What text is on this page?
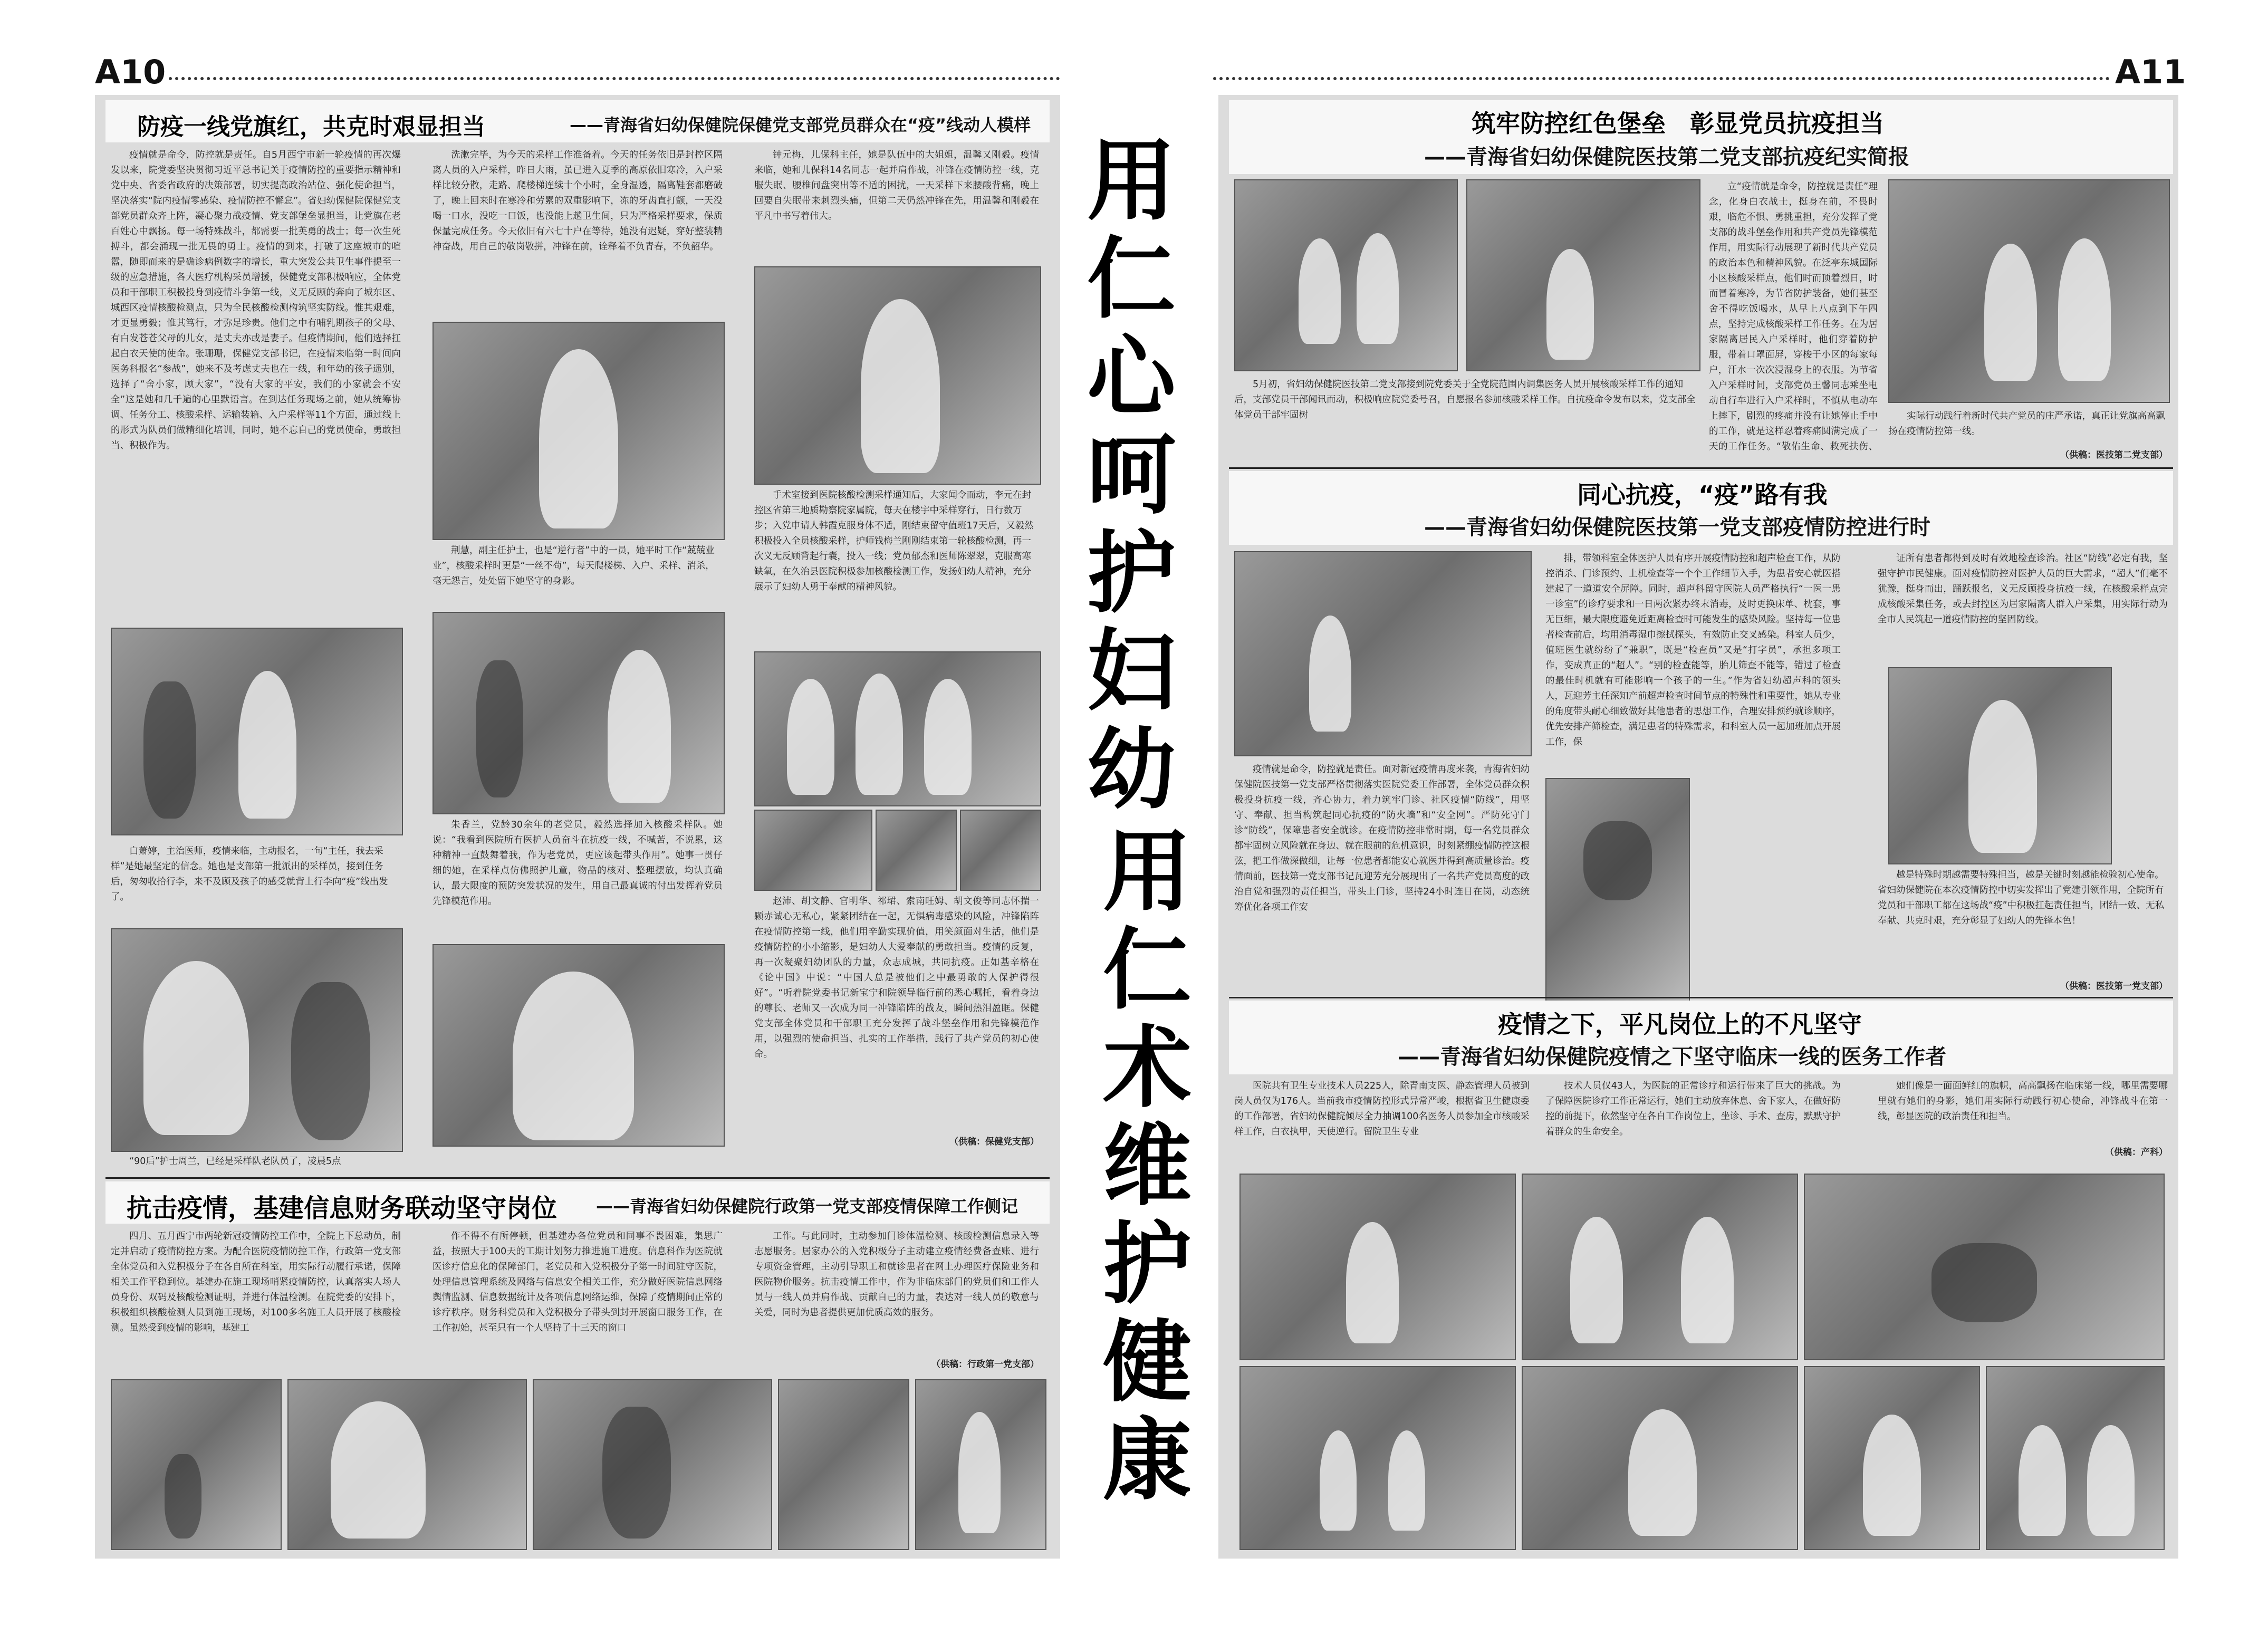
A10	A11
防疫一线党旗红，共克时艰显担当	——青海省妇幼保健院保健党支部党员群众在“疫”线动人模样
疫情就是命令，防控就是责任。自5月西宁市新一轮疫情的再次爆发以来，院党委坚决贯彻习近平总书记关于疫情防控的重要指示精神和党中央、省委省政府的决策部署，切实提高政治站位、强化使命担当，坚决落实“院内疫情零感染、疫情防控不懈怠”。省妇幼保健院保健党支部党员群众齐上阵，凝心聚力战疫情、党支部堡垒显担当，让党旗在老百姓心中飘扬。每一场特殊战斗，都需要一批英勇的战士；每一次生死搏斗，都会涌现一批无畏的勇士。疫情的到来，打破了这座城市的喧嚣，随即而来的是确诊病例数字的增长，重大突发公共卫生事件提至一级的应急措施，各大医疗机构采员增援，保健党支部积极响应，全体党员和干部职工积极投身到疫情斗争第一线，义无反顾的奔向了城东区、城西区疫情核酸检测点，只为全民核酸检测构筑坚实防线。惟其艰难，才更显勇毅；惟其笃行，才弥足珍贵。他们之中有哺乳期孩子的父母、有白发苍苍父母的儿女，是丈夫亦或是妻子。但疫情期间，他们选择扛起白衣天使的使命。张珊珊，保健党支部书记，在疫情来临第一时间向医务科报名“参战”，她来不及考虑丈夫也在一线，和年幼的孩子遥别，选择了“舍小家，顾大家”，“没有大家的平安，我们的小家就会不安全”这是她和几千遍的心里默语言。在到达任务现场之前，她从统筹协调、任务分工、核酸采样、运输装箱、入户采样等11个方面，通过线上的形式为队员们做精细化培训，同时，她不忘自己的党员使命，勇敢担当、积极作为。
白萧婷，主治医师，疫情来临，主动报名，一句“主任，我去采样”是她最坚定的信念。她也是支部第一批派出的采样员，接到任务后，匆匆收拾行李，来不及顾及孩子的感受就背上行李向“疫”线出发了。
洗漱完毕，为今天的采样工作准备着。今天的任务依旧是封控区隔离人员的入户采样，昨日大雨，虽已进入夏季的高原依旧寒冷，入户采样比较分散，走路、爬楼梯连续十个小时，全身湿透，隔离鞋套都磨破了，晚上回来时在寒冷和劳累的双重影响下，冻的牙齿直打颤，一天没喝一口水，没吃一口饭，也没能上趟卫生间，只为严格采样要求，保质保量完成任务。今天依旧有六七十户在等待，她没有迟疑，穿好整装精神奋战，用自己的敬岗敬拼，冲锋在前，诠释着不负青春，不负韶华。
荆慧，副主任护士，也是“逆行者”中的一员，她平时工作“兢兢业业”，核酸采样时更是“一丝不苟”，每天爬楼梯、入户、采样、消杀，毫无怨言，处处留下她坚守的身影。
朱香兰，党龄30余年的老党员，毅然选择加入核酸采样队。她说：“我看到医院所有医护人员奋斗在抗疫一线，不喊苦，不说累，这种精神一直鼓舞着我，作为老党员，更应该起带头作用”。她事一贯仔细的她，在采样点仿佛照护儿童，物品的核对、整理摆放，均认真确认，最大限度的预防突发状况的发生，用自己最真诚的付出发挥着党员先锋模范作用。
“90后”护士周兰，已经是采样队老队员了，凌晨5点
钟元梅，儿保科主任，她是队伍中的大姐姐，温馨又刚毅。疫情来临，她和儿保科14名同志一起并肩作战，冲锋在疫情防控一线，克服失眠、腰椎间盘突出等不适的困扰，一天采样下来腰酸背痛，晚上回要自失眠带来刺烈头痛，但第二天仍然冲锋在先，用温馨和刚毅在平凡中书写着伟大。
手术室接到医院核酸检测采样通知后，大家闻令而动，李元在封控区省第三地质勘察院家属院，每天在楼宇中采样穿行，日行数万步；入党申请人韩霞克服身体不适，刚结束留守值班17天后，又毅然积极投入全员核酸采样，护师钱梅兰刚刚结束第一轮核酸检测，再一次义无反顾背起行囊，投入一线；党员郁杰和医师陈翠翠，克服高寒缺氧，在久治县医院积极参加核酸检测工作，发扬妇幼人精神，充分展示了妇幼人勇于奉献的精神风貌。
赵沛、胡文静、官明华、祁珺、索南旺姆、胡文俊等同志怀揣一颗赤诚心无私心，紧紧团结在一起，无惧病毒感染的风险，冲锋陷阵在疫情防控第一线，他们用辛勤实现价值，用笑颜面对生活，他们是疫情防控的小小缩影，是妇幼人大爱奉献的勇敢担当。疫情的反复，再一次凝聚妇幼团队的力量，众志成城，共同抗疫。正如基辛格在《论中国》中说：“中国人总是被他们之中最勇敢的人保护得很好”。“听着院党委书记新宝宁和院领导临行前的悉心嘱托，看着身边的尊长、老师又一次成为同一冲锋陷阵的战友，瞬间热泪盈眶。保健党支部全体党员和干部职工充分发挥了战斗堡垒作用和先锋模范作用，以强烈的使命担当、扎实的工作举措，践行了共产党员的初心使命。
（供稿：保健党支部）
抗击疫情，基建信息财务联动坚守岗位 ——青海省妇幼保健院行政第一党支部疫情保障工作侧记
四月、五月西宁市两轮新冠疫情防控工作中，全院上下总动员，制定并启动了疫情防控方案。为配合医院疫情防控工作，行政第一党支部全体党员和入党积极分子在各自所在科室，用实际行动履行承诺，保障相关工作平稳到位。基建办在施工现场哨紧疫情防控，认真落实人场人员身份、双码及核酸检测证明，并进行体温检测。在院党委的安排下，积极组织核酸检测人员到施工现场，对100多名施工人员开展了核酸检测。虽然受到疫情的影响，基建工
作不得不有所停顿，但基建办各位党员和同事不畏困难，集思广益，按照大于100天的工期计划努力推进施工进度。信息科作为医院就医诊疗信息化的保障部门，老党员和入党积极分子第一时间驻守医院，处理信息管理系统及网络与信息安全相关工作，充分做好医院信息网络舆情监测、信息数据统计及各项信息网络运维，保障了疫情期间正常的诊疗秩序。财务科党员和入党积极分子带头到封开展窗口服务工作，在工作初始，甚至只有一个人坚持了十三天的窗口
工作。与此同时，主动参加门诊体温检测、核酸检测信息录入等志愿服务。居家办公的入党积极分子主动建立疫情经费备查账、进行专项资金管理，主动引导职工和就诊患者在网上办理医疗保险业务和医院物价服务。抗击疫情工作中，作为非临床部门的党员们和工作人员与一线人员并肩作战、贡献自己的力量，表达对一线人员的敬意与关爱，同时为患者提供更加优质高效的服务。
（供稿：行政第一党支部）
用仁心呵护妇幼
用仁术维护健康
筑牢防控红色堡垒　彰显党员抗疫担当
——青海省妇幼保健院医技第二党支部抗疫纪实简报
立“疫情就是命令，防控就是责任”理念，化身白衣战士，挺身在前，不畏时艰，临危不惧、勇挑重担，充分发挥了党支部的战斗堡垒作用和共产党员先锋模范作用，用实际行动展现了新时代共产党员的政治本色和精神风貌。在泛亭东城国际小区核酸采样点，他们时而顶着烈日，时而冒着寒冷，为节省防护装备，她们甚至舍不得吃饭喝水，从早上八点到下午四点，坚持完成核酸采样工作任务。在为居家隔离居民入户采样时，他们穿着防护服，带着口罩面屏，穿梭于小区的每家每户，汗水一次次浸湿身上的衣服。为节省入户采样时间，支部党员王馨同志乘坐电动自行车进行入户采样时，不慎从电动车上摔下，剧烈的疼痛并没有让她停止手中的工作，就是这样忍着疼痛圆满完成了一天的工作任务。“敬佑生命、救死扶伤、
5月初，省妇幼保健院医技第二党支部接到院党委关于全党院范围内调集医务人员开展核酸采样工作的通知后，支部党员干部闻讯而动，积极响应院党委号召，自愿报名参加核酸采样工作。自抗疫命令发布以来，党支部全体党员干部牢固树	实际行动践行着新时代共产党员的庄严承诺，真正让党旗高高飘扬在疫情防控第一线。
（供稿：医技第二党支部）
同心抗疫，“疫”路有我
——青海省妇幼保健院医技第一党支部疫情防控进行时
疫情就是命令，防控就是责任。面对新冠疫情再度来袭，青海省妇幼保健院医技第一党支部严格贯彻落实医院党委工作部署，全体党员群众积极投身抗疫一线，齐心协力，着力筑牢门诊、社区疫情“防线”，用坚守、奉献、担当构筑起同心抗疫的“防火墙”和“安全网”。严防死守门诊“防线”，保障患者安全就诊。在疫情防控非常时期，每一名党员群众都牢固树立风险就在身边、就在眼前的危机意识，时刻紧绷疫情防控这根弦，把工作做深做细，让每一位患者都能安心就医并得到高质量诊治。疫情面前，医技第一党支部书记瓦迎芳充分展现出了一名共产党员高度的政治自觉和强烈的责任担当，带头上门诊，坚持24小时连日在岗，动态统筹优化各项工作安
排，带领科室全体医护人员有序开展疫情防控和超声检查工作，从防控消杀、门诊预约、上机检查等一个个工作细节入手，为患者安心就医搭建起了一道道安全屏障。同时，超声科留守医院人员严格执行“一医一患一诊室”的诊疗要求和一日两次紧办终末消毒，及时更换床单、枕套，事无巨细，最大限度避免近距离检查时可能发生的感染风险。坚持每一位患者检查前后，均用消毒湿巾擦拭探头，有效防止交叉感染。科室人员少，值班医生就纷纷了“兼职”，既是“检查员”又是“打字员”，承担多项工作，变成真正的“超人”。“别的检查能等，胎儿筛查不能等，错过了检查的最佳时机就有可能影响一个孩子的一生。”作为省妇幼超声科的领头人，瓦迎芳主任深知产前超声检查时间节点的特殊性和重要性，她从专业的角度带头耐心细致做好其他患者的思想工作，合理安排预约就诊顺序，优先安排产筛检查，满足患者的特殊需求，和科室人员一起加班加点开展工作，保
证所有患者都得到及时有效地检查诊治。社区“防线”必定有我，坚强守护市民健康。面对疫情防控对医护人员的巨大需求，“超人”们毫不犹豫，挺身而出，踊跃报名，义无反顾投身抗疫一线，在核酸采样点完成核酸采集任务，或去封控区为居家隔离人群入户采集，用实际行动为全市人民筑起一道疫情防控的坚固防线。
越是特殊时期越需要特殊担当，越是关键时刻越能检验初心使命。省妇幼保健院在本次疫情防控中切实发挥出了党建引领作用，全院所有党员和干部职工都在这场战“疫”中积极扛起责任担当，团结一致、无私奉献、共克时艰，充分彰显了妇幼人的先锋本色！
（供稿：医技第一党支部）
疫情之下，平凡岗位上的不凡坚守
——青海省妇幼保健院疫情之下坚守临床一线的医务工作者
医院共有卫生专业技术人员225人，除青南支医、静态管理人员被到岗人员仅为176人。当前我市疫情防控形式异常严峻，根据省卫生健康委的工作部署，省妇幼保健院倾尽全力抽调100名医务人员参加全市核酸采样工作，白衣执甲，天使逆行。留院卫生专业
技术人员仅43人，为医院的正常诊疗和运行带来了巨大的挑战。为了保障医院诊疗工作正常运行，她们主动放弃休息、舍下家人，在做好防控的前提下，依然坚守在各自工作岗位上，坐诊、手术、查房，默默守护着群众的生命安全。
她们像是一面面鲜红的旗帜，高高飘扬在临床第一线，哪里需要哪里就有她们的身影，她们用实际行动践行初心使命，冲锋战斗在第一线，彰显医院的政治责任和担当。
（供稿：产科）
